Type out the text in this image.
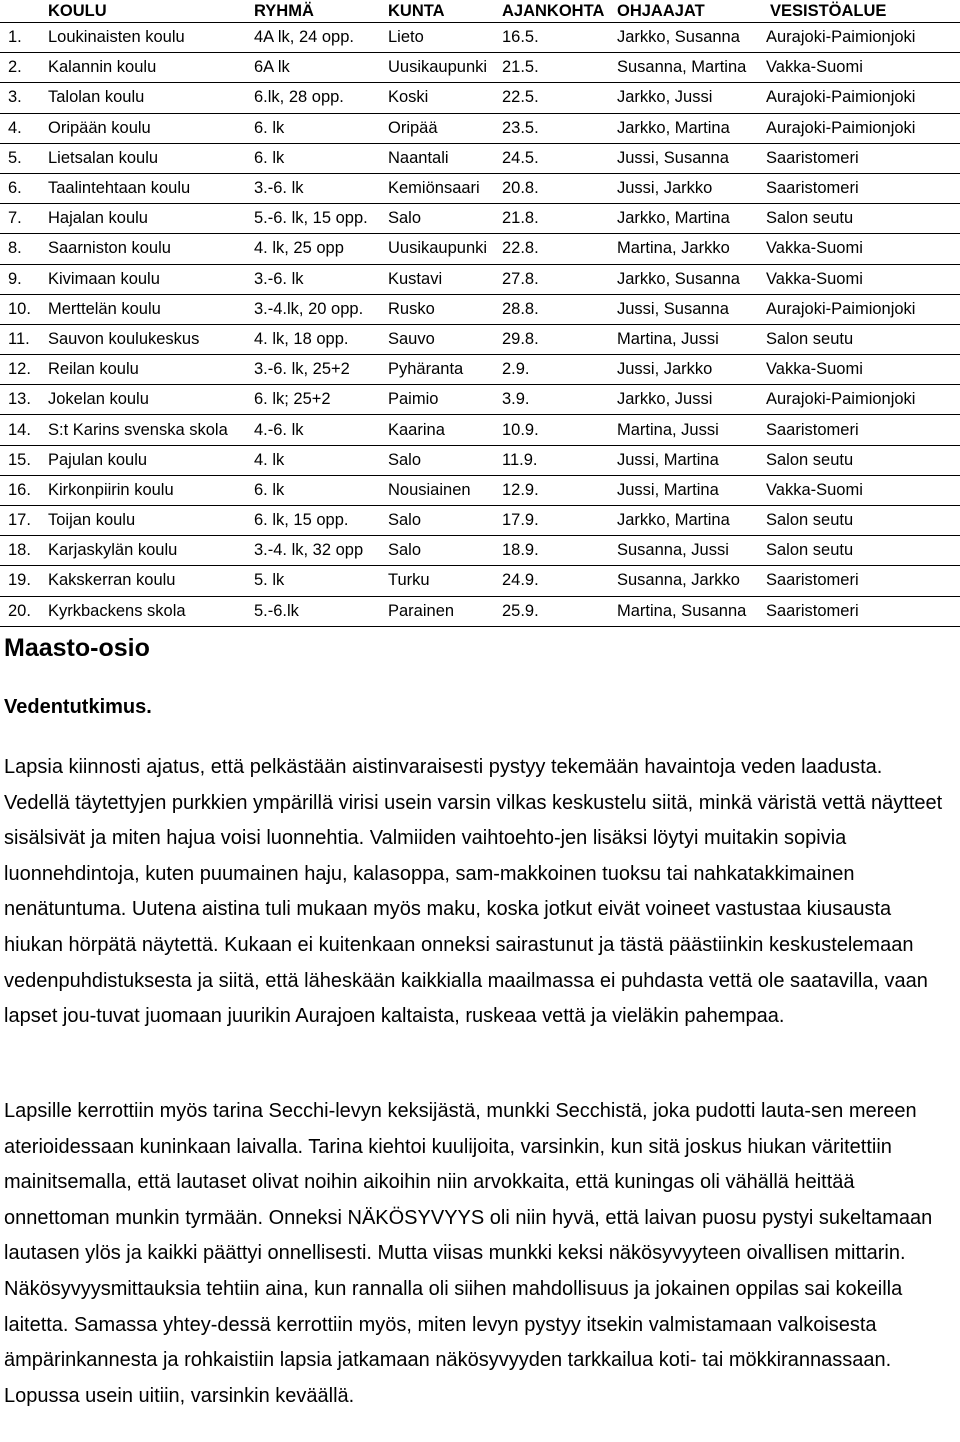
	KOULU	RYHMÄ	KUNTA	AJANKOHTA	OHJAAJAT	VESISTÖALUE
1.	Loukinaisten koulu	4A lk, 24 opp.	Lieto	16.5.	Jarkko, Susanna	Aurajoki-Paimionjoki
2.	Kalannin koulu	6A lk	Uusikaupunki	21.5.	Susanna, Martina	Vakka-Suomi
3.	Talolan koulu	6.lk, 28 opp.	Koski	22.5.	Jarkko, Jussi	Aurajoki-Paimionjoki
4.	Oripään koulu	6. lk	Oripää	23.5.	Jarkko, Martina	Aurajoki-Paimionjoki
5.	Lietsalan koulu	6. lk	Naantali	24.5.	Jussi, Susanna	Saaristomeri
6.	Taalintehtaan koulu	3.-6. lk	Kemiönsaari	20.8.	Jussi, Jarkko	Saaristomeri
7.	Hajalan koulu	5.-6. lk, 15 opp.	Salo	21.8.	Jarkko, Martina	Salon seutu
8.	Saarniston koulu	4. lk, 25 opp	Uusikaupunki	22.8.	Martina, Jarkko	Vakka-Suomi
9.	Kivimaan koulu	3.-6. lk	Kustavi	27.8.	Jarkko, Susanna	Vakka-Suomi
10.	Merttelän koulu	3.-4.lk, 20 opp.	Rusko	28.8.	Jussi, Susanna	Aurajoki-Paimionjoki
11.	Sauvon koulukeskus	4. lk, 18 opp.	Sauvo	29.8.	Martina, Jussi	Salon seutu
12.	Reilan koulu	3.-6. lk, 25+2	Pyhäranta	2.9.	Jussi, Jarkko	Vakka-Suomi
13.	Jokelan koulu	6. lk; 25+2	Paimio	3.9.	Jarkko, Jussi	Aurajoki-Paimionjoki
14.	S:t Karins svenska skola	4.-6. lk	Kaarina	10.9.	Martina, Jussi	Saaristomeri
15.	Pajulan koulu	4. lk	Salo	11.9.	Jussi, Martina	Salon seutu
16.	Kirkonpiirin koulu	6. lk	Nousiainen	12.9.	Jussi, Martina	Vakka-Suomi
17.	Toijan koulu	6. lk, 15 opp.	Salo	17.9.	Jarkko, Martina	Salon seutu
18.	Karjaskylän koulu	3.-4. lk, 32 opp	Salo	18.9.	Susanna, Jussi	Salon seutu
19.	Kakskerran koulu	5. lk	Turku	24.9.	Susanna, Jarkko	Saaristomeri
20.	Kyrkbackens skola	5.-6.lk	Parainen	25.9.	Martina, Susanna	Saaristomeri
Maasto-osio
Vedentutkimus.

Lapsia kiinnosti ajatus, että pelkästään aistinvaraisesti pystyy tekemään havaintoja veden laadusta. Vedellä täytettyjen purkkien ympärillä virisi usein varsin vilkas keskustelu siitä, minkä väristä vettä näytteet sisälsivät ja miten hajua voisi luonnehtia. Valmiiden vaihtoehto-jen lisäksi löytyi muitakin sopivia luonnehdintoja, kuten puumainen haju, kalasoppa, sam-makkoinen tuoksu tai nahkatakkimainen nenätuntuma. Uutena aistina tuli mukaan myös maku, koska jotkut eivät voineet vastustaa kiusausta hiukan hörpätä näytettä. Kukaan ei kuitenkaan onneksi sairastunut ja tästä päästiinkin keskustelemaan vedenpuhdistuksesta ja siitä, että läheskään kaikkialla maailmassa ei puhdasta vettä ole saatavilla, vaan lapset jou-tuvat juomaan juurikin Aurajoen kaltaista, ruskeaa vettä ja vieläkin pahempaa.

Lapsille kerrottiin myös tarina Secchi-levyn keksijästä, munkki Secchistä, joka pudotti lauta-sen mereen aterioidessaan kuninkaan laivalla. Tarina kiehtoi kuulijoita, varsinkin, kun sitä joskus hiukan väritettiin mainitsemalla, että lautaset olivat noihin aikoihin niin arvokkaita, että kuningas oli vähällä heittää onnettoman munkin tyrmään. Onneksi NÄKÖSYVYYS oli niin hyvä, että laivan puosu pystyi sukeltamaan lautasen ylös ja kaikki päättyi onnellisesti. Mutta viisas munkki keksi näkösyvyyteen oivallisen mittarin. Näkösyvyysmittauksia tehtiin aina, kun rannalla oli siihen mahdollisuus ja jokainen oppilas sai kokeilla laitetta. Samassa yhtey-dessä kerrottiin myös, miten levyn pystyy itsekin valmistamaan valkoisesta ämpärinkannesta ja rohkaistiin lapsia jatkamaan näkösyvyyden tarkkailua koti- tai mökkirannassaan. Lopussa usein uitiin, varsinkin keväällä.
